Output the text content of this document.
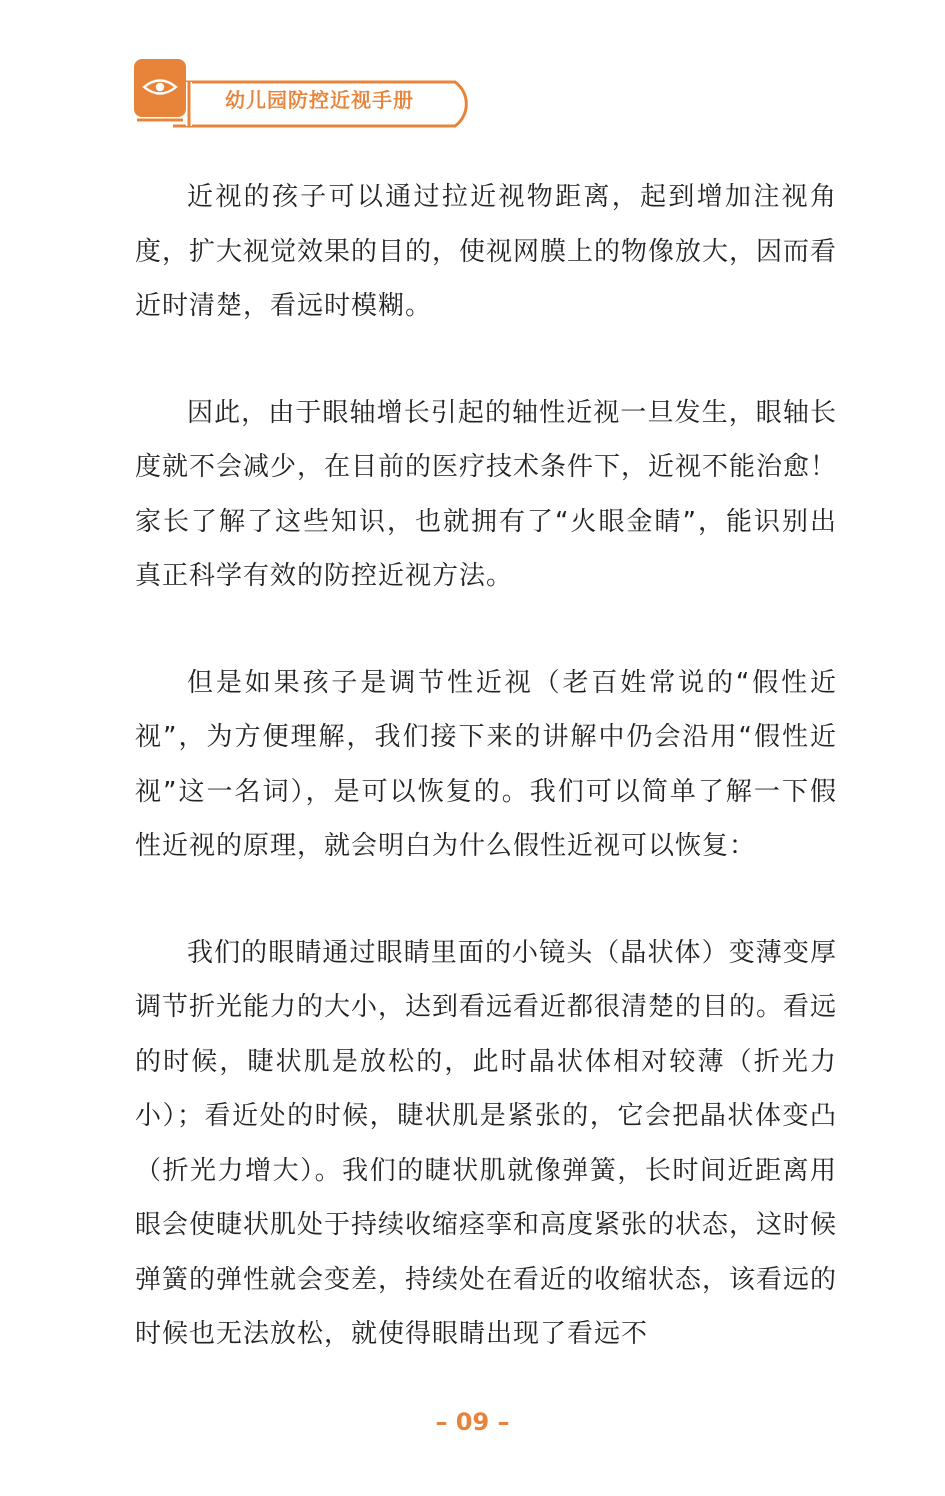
幼儿园防控近视手册

近视的孩子可以通过拉近视物距离，起到增加注视角度，扩大视觉效果的目的，使视网膜上的物像放大，因而看近时清楚，看远时模糊。

因此，由于眼轴增长引起的轴性近视一旦发生，眼轴长度就不会减少，在目前的医疗技术条件下，近视不能治愈！家长了解了这些知识，也就拥有了“火眼金睛”，能识别出真正科学有效的防控近视方法。

但是如果孩子是调节性近视（老百姓常说的“假性近视”，为方便理解，我们接下来的讲解中仍会沿用“假性近视”这一名词），是可以恢复的。我们可以简单了解一下假性近视的原理，就会明白为什么假性近视可以恢复：

我们的眼睛通过眼睛里面的小镜头（晶状体）变薄变厚调节折光能力的大小，达到看远看近都很清楚的目的。看远的时候，睫状肌是放松的，此时晶状体相对较薄（折光力小）；看近处的时候，睫状肌是紧张的，它会把晶状体变凸（折光力增大）。我们的睫状肌就像弹簧，长时间近距离用眼会使睫状肌处于持续收缩痉挛和高度紧张的状态，这时候弹簧的弹性就会变差，持续处在看近的收缩状态，该看远的时候也无法放松，就使得眼睛出现了看远不

– 09 –
